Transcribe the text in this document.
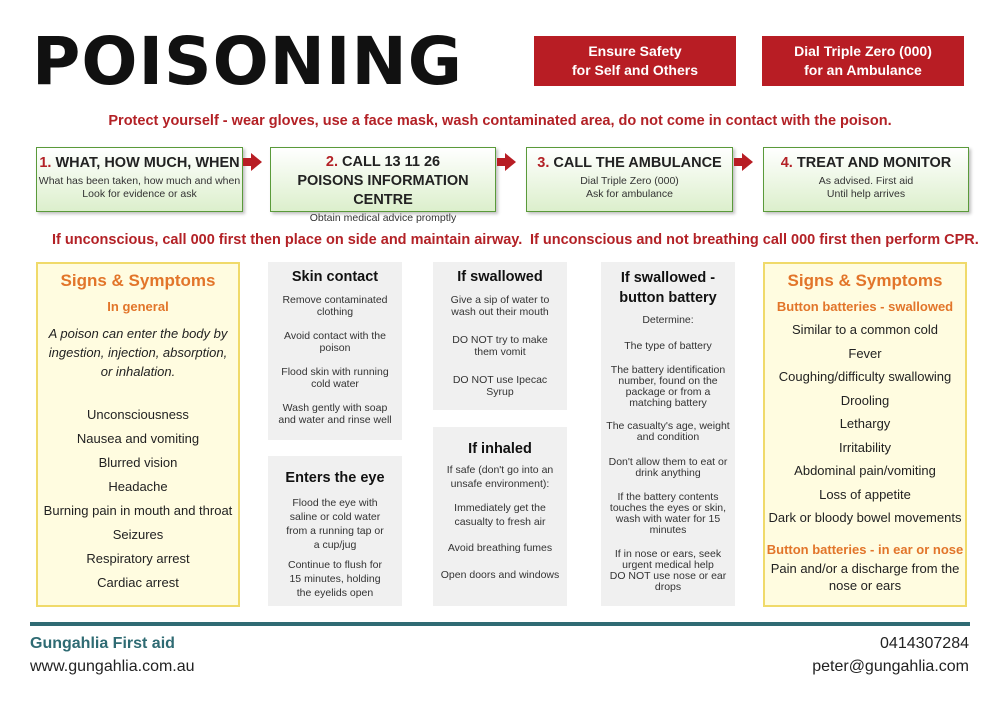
POISONING	Ensure Safety
for Self and Others
Dial Triple Zero (000)
for an Ambulance
Protect yourself - wear gloves, use a face mask, wash contaminated area, do not come in contact with the poison.
1. WHAT, HOW MUCH, WHEN
What has been taken, how much and when
Look for evidence or ask
2. CALL 13 11 26
POISONS INFORMATION CENTRE
Obtain medical advice promptly
3. CALL THE AMBULANCE
Dial Triple Zero (000)
Ask for ambulance
4. TREAT AND MONITOR
As advised. First aid
Until help arrives
If unconscious, call 000 first then place on side and maintain airway. If unconscious and not breathing call 000 first then perform CPR.
Signs & Symptoms
In general
A poison can enter the body by
ingestion, injection, absorption,
or inhalation.
Unconsciousness
Nausea and vomiting
Blurred vision
Headache
Burning pain in mouth and throat
Seizures
Respiratory arrest
Cardiac arrest
Skin contact
Remove contaminated
clothing
Avoid contact with the
poison
Flood skin with running
cold water
Wash gently with soap
and water and rinse well
Enters the eye
Flood the eye with
saline or cold water
from a running tap or
a cup/jug
Continue to flush for
15 minutes, holding
the eyelids open
If swallowed
Give a sip of water to
wash out their mouth
DO NOT try to make
them vomit
DO NOT use Ipecac
Syrup
If inhaled
If safe (don't go into an
unsafe environment):
Immediately get the
casualty to fresh air
Avoid breathing fumes
Open doors and windows
If swallowed -
button battery
Determine:
The type of battery
The battery identification
number, found on the
package or from a
matching battery
The casualty's age, weight
and condition
Don't allow them to eat or
drink anything
If the battery contents
touches the eyes or skin,
wash with water for 15
minutes
If in nose or ears, seek
urgent medical help
DO NOT use nose or ear
drops
Signs & Symptoms
Button batteries - swallowed
Similar to a common cold
Fever
Coughing/difficulty swallowing
Drooling
Lethargy
Irritability
Abdominal pain/vomiting
Loss of appetite
Dark or bloody bowel movements
Button batteries - in ear or nose
Pain and/or a discharge from the
nose or ears
Gungahlia First aid
www.gungahlia.com.au
0414307284
peter@gungahlia.com
